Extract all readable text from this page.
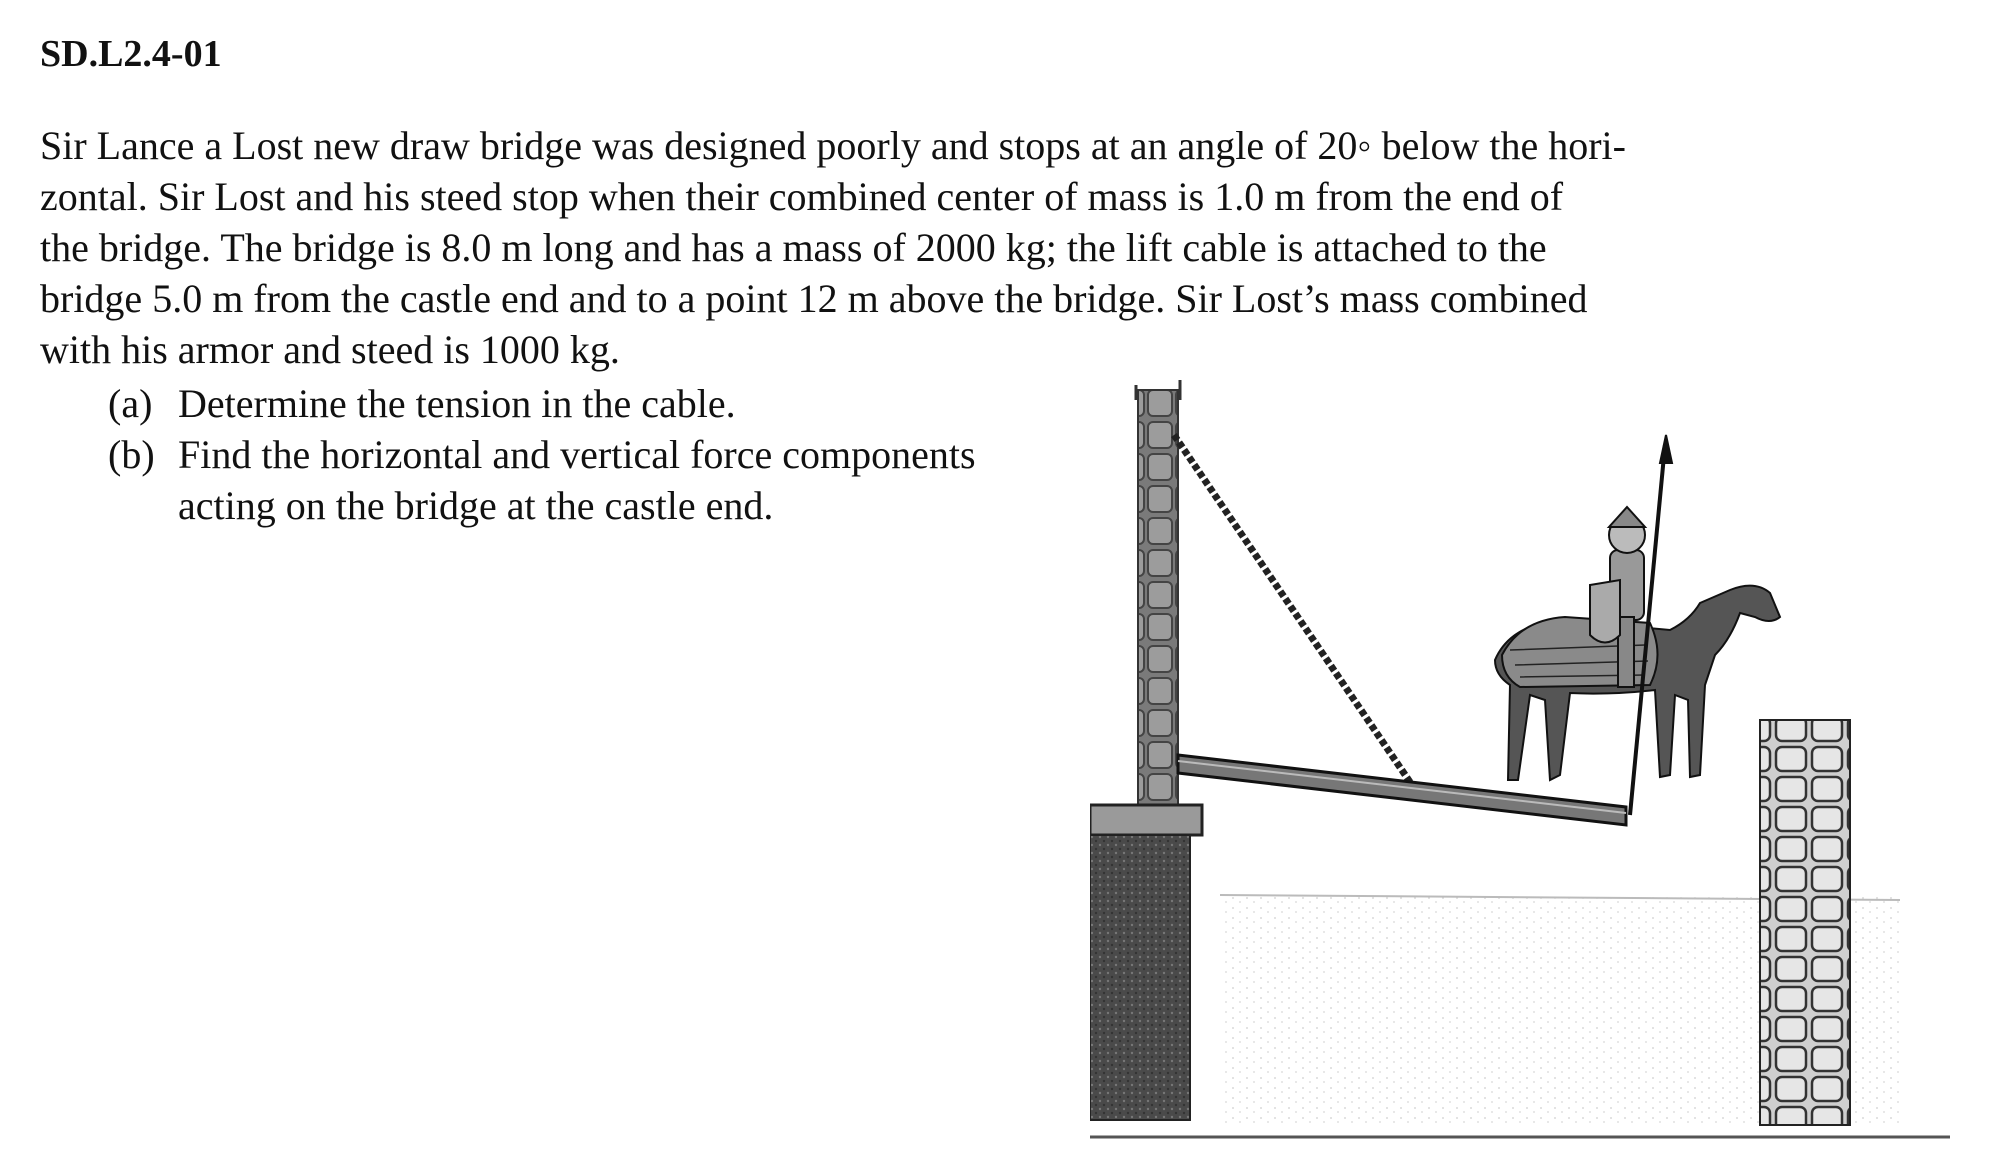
SD.L2.4-01
Sir Lance a Lost new draw bridge was designed poorly and stops at an angle of 20◦ below the hori-
zontal. Sir Lost and his steed stop when their combined center of mass is 1.0 m from the end of
the bridge. The bridge is 8.0 m long and has a mass of 2000 kg; the lift cable is attached to the
bridge 5.0 m from the castle end and to a point 12 m above the bridge. Sir Lost’s mass combined
with his armor and steed is 1000 kg.
(a) Determine the tension in the cable.
(b) Find the horizontal and vertical force components
acting on the bridge at the castle end.
